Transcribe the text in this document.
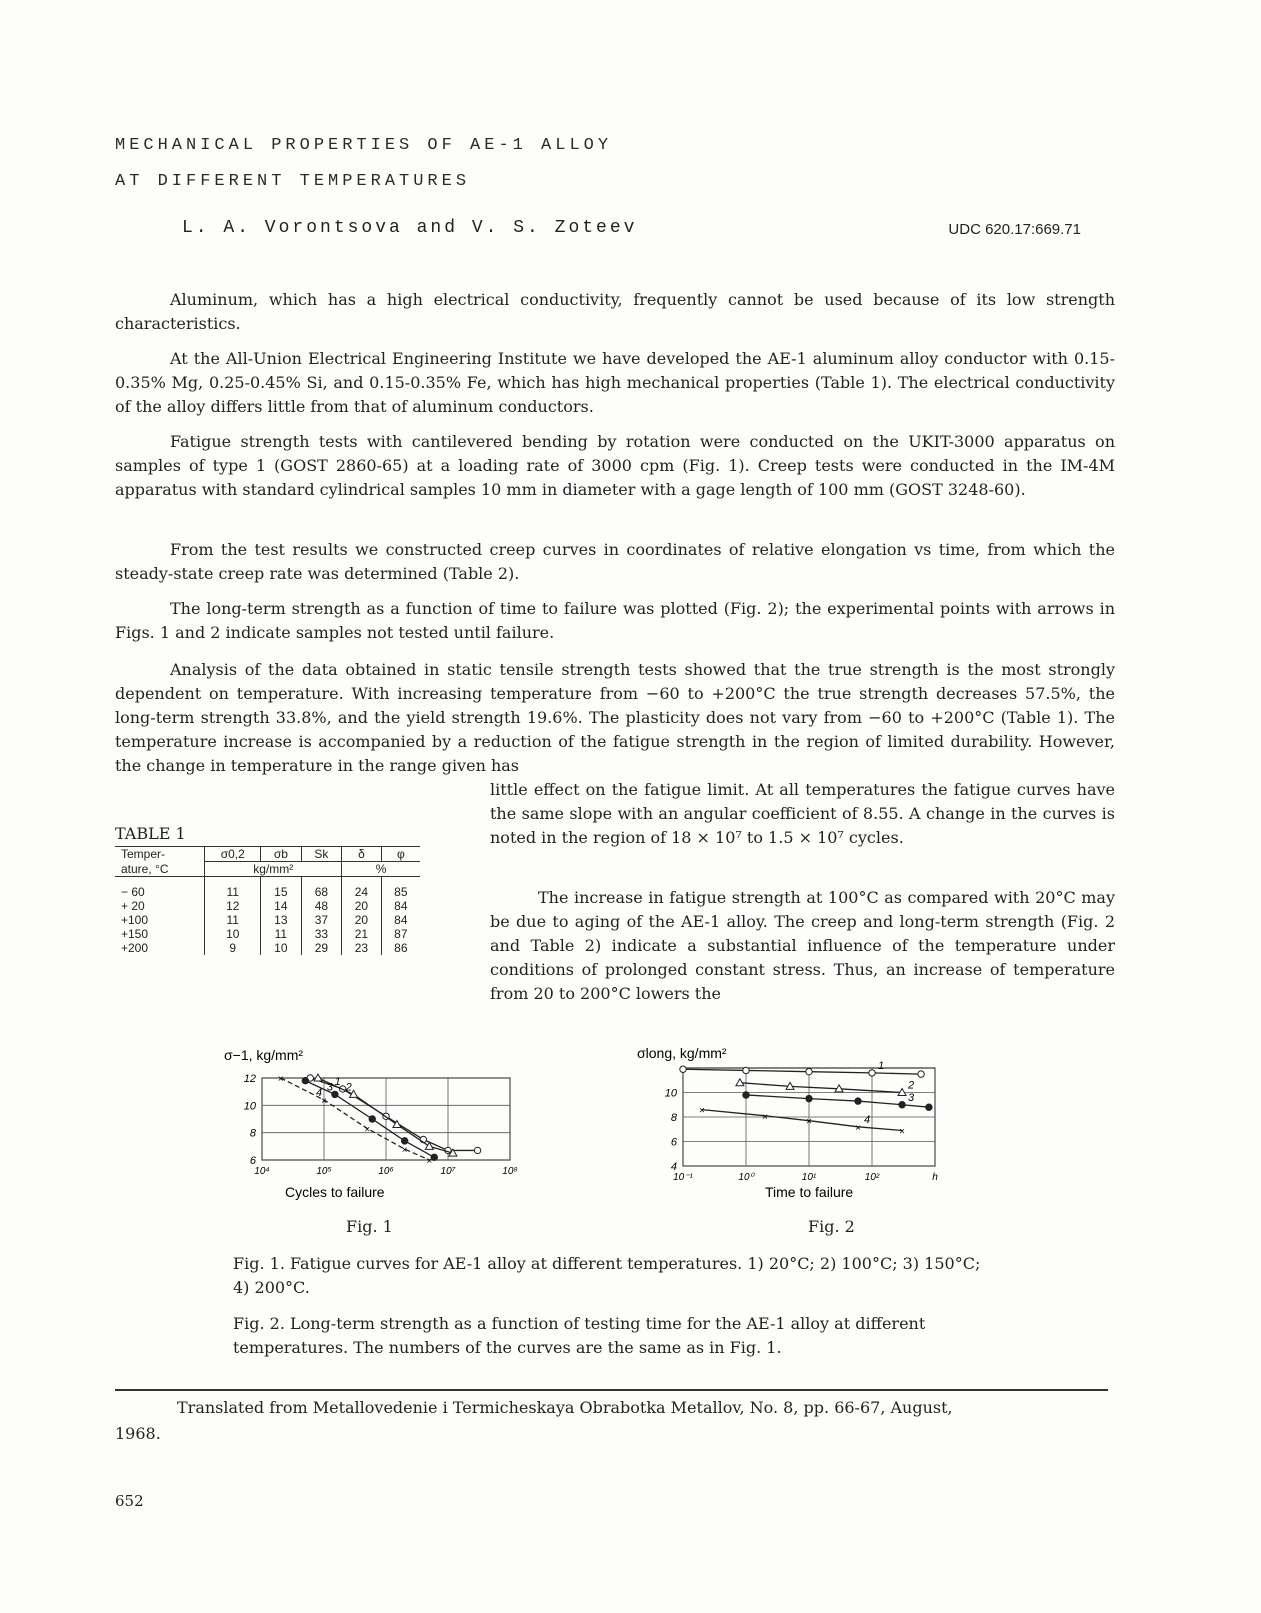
MECHANICAL PROPERTIES OF AE-1 ALLOY
AT DIFFERENT TEMPERATURES
L. A. Vorontsova and V. S. Zoteev	UDC 620.17:669.71

Aluminum, which has a high electrical conductivity, frequently cannot be used because of its low strength characteristics.

At the All-Union Electrical Engineering Institute we have developed the AE-1 aluminum alloy conductor with 0.15-0.35% Mg, 0.25-0.45% Si, and 0.15-0.35% Fe, which has high mechanical properties (Table 1). The electrical conductivity of the alloy differs little from that of aluminum conductors.

Fatigue strength tests with cantilevered bending by rotation were conducted on the UKIT-3000 apparatus on samples of type 1 (GOST 2860-65) at a loading rate of 3000 cpm (Fig. 1). Creep tests were conducted in the IM-4M apparatus with standard cylindrical samples 10 mm in diameter with a gage length of 100 mm (GOST 3248-60).

From the test results we constructed creep curves in coordinates of relative elongation vs time, from which the steady-state creep rate was determined (Table 2).

The long-term strength as a function of time to failure was plotted (Fig. 2); the experimental points with arrows in Figs. 1 and 2 indicate samples not tested until failure.

Analysis of the data obtained in static tensile strength tests showed that the true strength is the most strongly dependent on temperature. With increasing temperature from −60 to +200°C the true strength decreases 57.5%, the long-term strength 33.8%, and the yield strength 19.6%. The plasticity does not vary from −60 to +200°C (Table 1). The temperature increase is accompanied by a reduction of the fatigue strength in the region of limited durability. However, the change in temperature in the range given has

little effect on the fatigue limit. At all temperatures the fatigue curves have the same slope with an angular coefficient of 8.55. A change in the curves is noted in the region of 18 × 10⁷ to 1.5 × 10⁷ cycles.

The increase in fatigue strength at 100°C as compared with 20°C may be due to aging of the AE-1 alloy. The creep and long-term strength (Fig. 2 and Table 2) indicate a substantial influence of the temperature under conditions of prolonged constant stress. Thus, an increase of temperature from 20 to 200°C lowers the

TABLE 1
Temper-	σ0,2	σb	Sk	δ	φ
ature, °C	kg/mm²			%	

− 60	11	15	68	24	85
+ 20	12	14	48	20	84
+100	11	13	37	20	84
+150	10	11	33	21	87
+200	9	10	29	23	86
σ−1, kg/mm²
12
10
8
6
10⁴	10⁵	10⁶	10⁷	10⁸
1 2
3
×
×
×
×
×
4
Cycles to failure
Fig. 1
σlong, kg/mm²
10
8
6
4
10⁻¹	10⁰	10¹	10²	h
1
2
3
×
×	×
×	×
4
Time to failure
Fig. 2

Fig. 1. Fatigue curves for AE-1 alloy at different temperatures. 1) 20°C; 2) 100°C; 3) 150°C; 4) 200°C.

Fig. 2. Long-term strength as a function of testing time for the AE-1 alloy at different temperatures. The numbers of the curves are the same as in Fig. 1.

Translated from Metallovedenie i Termicheskaya Obrabotka Metallov, No. 8, pp. 66-67, August,
1968.
652
